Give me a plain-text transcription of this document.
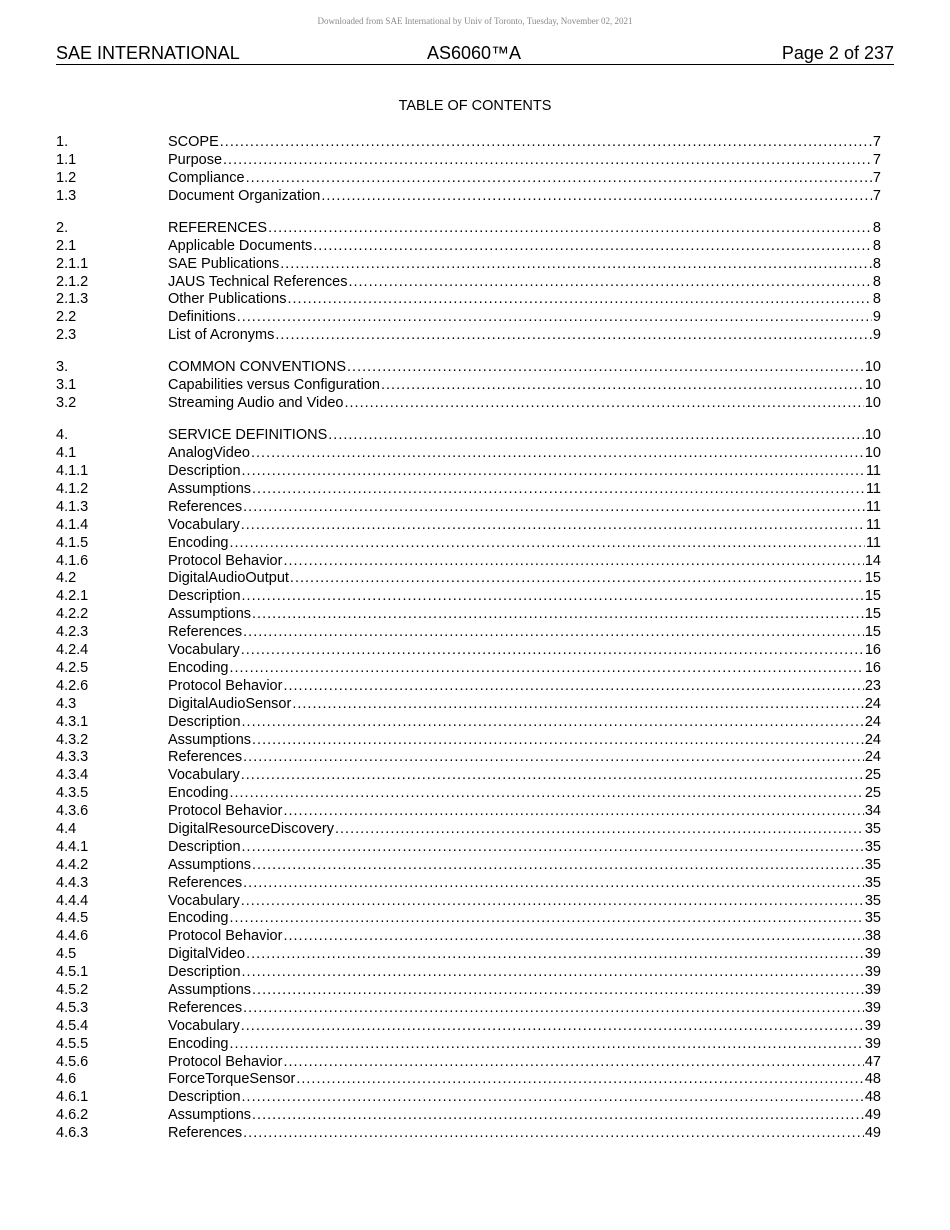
Downloaded from SAE International by Univ of Toronto, Tuesday, November 02, 2021
SAE INTERNATIONAL	AS6060™A	Page 2 of 237
TABLE OF CONTENTS
1.	SCOPE .....	7
1.1	Purpose .....	7
1.2	Compliance .....	7
1.3	Document Organization .....	7
2.	REFERENCES .....	8
2.1	Applicable Documents .....	8
2.1.1	SAE Publications .....	8
2.1.2	JAUS Technical References .....	8
2.1.3	Other Publications .....	8
2.2	Definitions .....	9
2.3	List of Acronyms .....	9
3.	COMMON CONVENTIONS .....	10
3.1	Capabilities versus Configuration .....	10
3.2	Streaming Audio and Video .....	10
4.	SERVICE DEFINITIONS .....	10
4.1	AnalogVideo .....	10
4.1.1	Description .....	11
4.1.2	Assumptions .....	11
4.1.3	References .....	11
4.1.4	Vocabulary .....	11
4.1.5	Encoding .....	11
4.1.6	Protocol Behavior .....	14
4.2	DigitalAudioOutput .....	15
4.2.1	Description .....	15
4.2.2	Assumptions .....	15
4.2.3	References .....	15
4.2.4	Vocabulary .....	16
4.2.5	Encoding .....	16
4.2.6	Protocol Behavior .....	23
4.3	DigitalAudioSensor .....	24
4.3.1	Description .....	24
4.3.2	Assumptions .....	24
4.3.3	References .....	24
4.3.4	Vocabulary .....	25
4.3.5	Encoding .....	25
4.3.6	Protocol Behavior .....	34
4.4	DigitalResourceDiscovery .....	35
4.4.1	Description .....	35
4.4.2	Assumptions .....	35
4.4.3	References .....	35
4.4.4	Vocabulary .....	35
4.4.5	Encoding .....	35
4.4.6	Protocol Behavior .....	38
4.5	DigitalVideo .....	39
4.5.1	Description .....	39
4.5.2	Assumptions .....	39
4.5.3	References .....	39
4.5.4	Vocabulary .....	39
4.5.5	Encoding .....	39
4.5.6	Protocol Behavior .....	47
4.6	ForceTorqueSensor .....	48
4.6.1	Description .....	48
4.6.2	Assumptions .....	49
4.6.3	References .....	49
